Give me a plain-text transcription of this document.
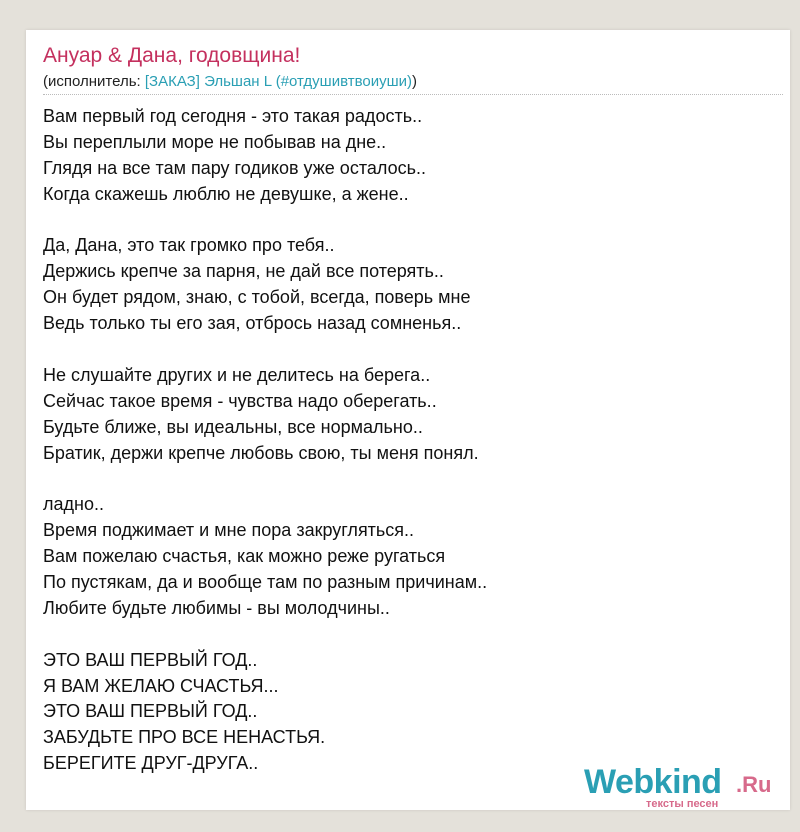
Ануар & Дана, годовщина!
(исполнитель: [ЗАКАЗ] Эльшан L (#отдушивтвоиуши))
Вам первый год сегодня - это такая радость..
Вы переплыли море не побывав на дне..
Глядя на все там пару годиков уже осталось..
Когда скажешь люблю не девушке, а жене..
Да, Дана, это так громко про тебя..
Держись крепче за парня, не дай все потерять..
Он будет рядом, знаю, с тобой, всегда, поверь мне
Ведь только ты его зая, отбрось назад сомненья..
Не слушайте других и не делитесь на берега..
Сейчас такое время - чувства надо оберегать..
Будьте ближе, вы идеальны, все нормально..
Братик, держи крепче любовь свою, ты меня понял.
ладно..
Время поджимает и мне пора закругляться..
Вам пожелаю счастья, как можно реже ругаться
По пустякам, да и вообще там по разным причинам..
Любите будьте любимы - вы молодчины..
ЭТО ВАШ ПЕРВЫЙ ГОД..
Я ВАМ ЖЕЛАЮ СЧАСТЬЯ...
ЭТО ВАШ ПЕРВЫЙ ГОД..
ЗАБУДЬТЕ ПРО ВСЕ НЕНАСТЬЯ.
БЕРЕГИТЕ ДРУГ-ДРУГА..	Webkind .Ru
тексты песен
